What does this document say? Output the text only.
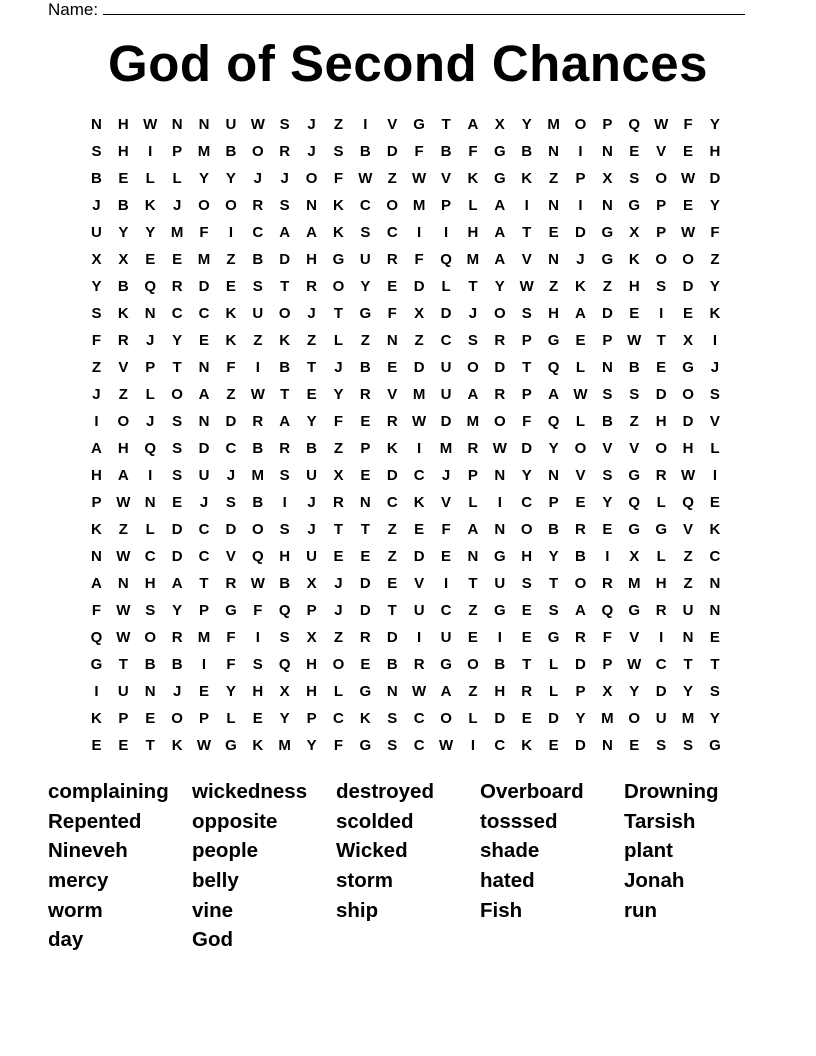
Name:
God of Second Chances
N	H W N	N	U W S	J	Z	I	V	G	T	A	X	Y	M O	P	Q W	F	Y
S	H	I	P	M	B	O	R	J	S	B	D	F	B	F	G	B	N	I	N	E	V	E	H
B	E	L	L	Y	Y	J	J	O	F	W	Z	W V	K	G	K	Z	P	X	S	O W D
J	B	K	J	O	O	R	S	N	K	C	O M	P	L	A	I	N	I	N	G	P	E	Y
U	Y	Y	M	F	I	C	A	A	K	S	C	I	I	H	A	T	E	D	G	X	P W	F
X	X	E	E	M	Z	B	D	H	G	U	R	F	Q M	A	V	N	J	G	K	O	O	Z
Y	B	Q	R	D	E	S	T	R	O	Y	E	D	L	T	Y W	Z	K	Z	H	S	D	Y
S	K	N	C	C	K	U	O	J	T	G	F	X	D	J	O	S	H	A	D	E	I	E	K
F	R	J	Y	E	K	Z	K	Z	L	Z	N	Z	C	S	R	P	G	E	P W	T	X	I
Z	V	P	T	N	F	I	B	T	J	B	E	D	U	O	D	T	Q	L	N	B	E	G	J
J	Z	L	O	A	Z	W	T	E	Y	R	V	M	U	A	R	P	A W S	S	D	O	S
I	O	J	S	N	D	R	A	Y	F	E	R W D	M O	F	Q	L	B	Z	H	D	V
A	H	Q	S	D	C	B	R	B	Z	P	K	I	M	R W D	Y	O	V	V	O	H	L
H	A	I	S	U	J	M	S	U	X	E	D	C	J	P	N	Y	N	V	S	G	R W	I
P W N	E	J	S	B	I	J	R	N	C	K	V	L	I	C	P	E	Y	Q	L	Q	E
K	Z	L	D	C	D	O	S	J	T	T	Z	E	F	A	N	O	B	R	E	G	G	V	K
N W C	D	C	V	Q	H	U	E	E	Z	D	E	N	G	H	Y	B	I	X	L	Z	C
A	N	H	A	T	R W B	X	J	D	E	V	I	T	U	S	T	O	R	M	H	Z	N
F	W S	Y	P	G	F	Q	P	J	D	T	U	C	Z	G	E	S	A	Q	G	R	U	N
Q W O	R	M	F	I	S	X	Z	R	D	I	U	E	I	E	G	R	F	V	I	N	E
G	T	B	B	I	F	S	Q	H	O	E	B	R	G	O	B	T	L	D	P W C	T	T
I	U	N	J	E	Y	H	X	H	L	G	N W A	Z	H	R	L	P	X	Y	D	Y	S
K	P	E	O	P	L	E	Y	P	C	K	S	C	O	L	D	E	D	Y	M O	U	M	Y
E	E	T	K W G	K	M	Y	F	G	S	C W	I	C	K	E	D	N	E	S	S	G
complaining	wickedness	destroyed	Overboard	Drowning
Repented	opposite	scolded	tosssed	Tarsish
Nineveh	people	Wicked	shade	plant
mercy	belly	storm	hated	Jonah
worm	vine	ship	Fish	run
day	God
